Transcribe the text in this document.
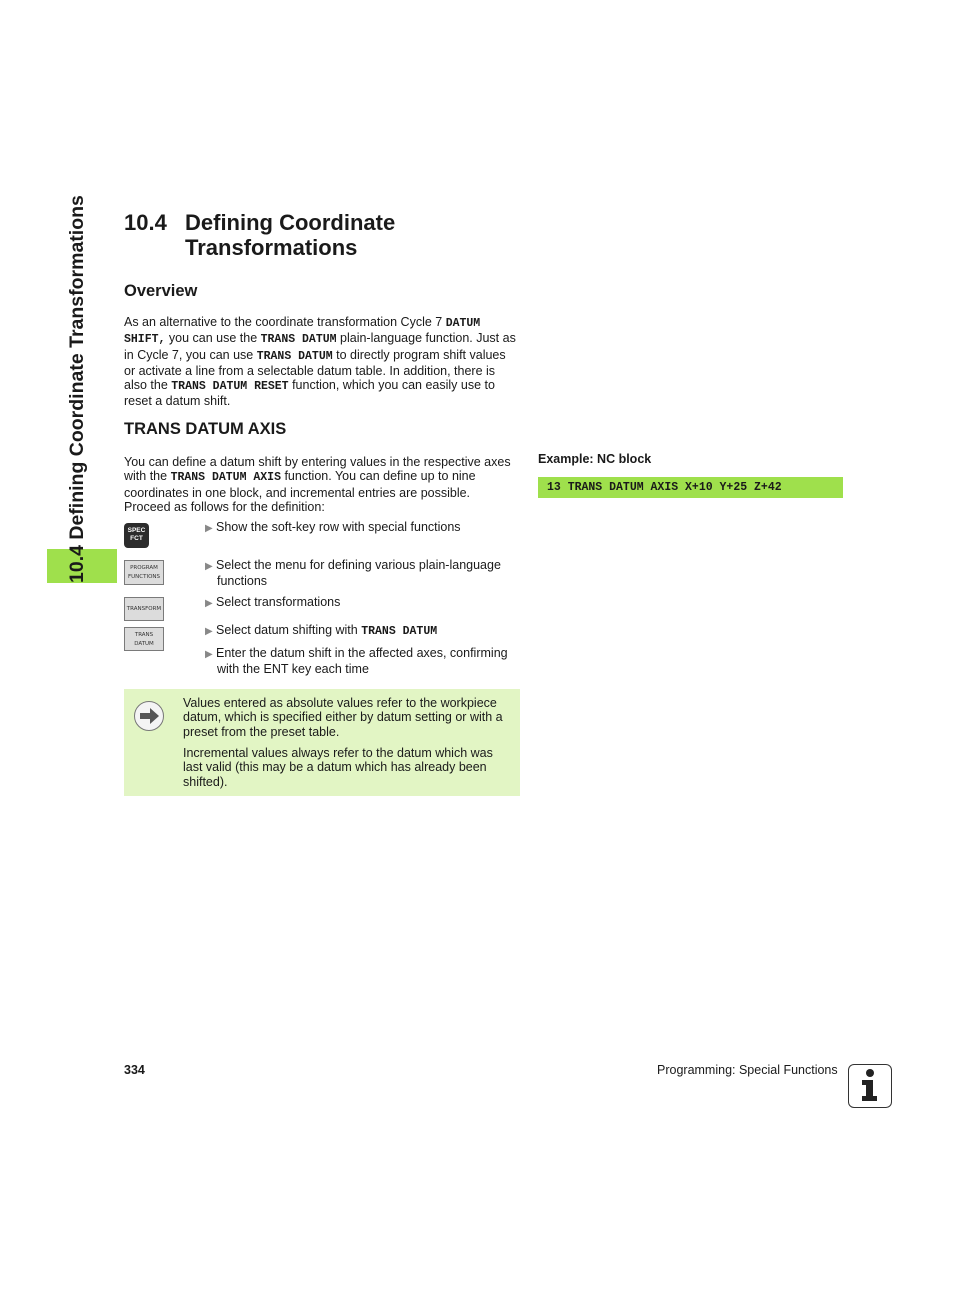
10.4 Defining Coordinate Transformations	10.4 Defining Coordinate
Transformations
Overview
As an alternative to the coordinate transformation Cycle 7 DATUM SHIFT, you can use the TRANS DATUM plain-language function. Just as in Cycle 7, you can use TRANS DATUM to directly program shift values or activate a line from a selectable datum table. In addition, there is also the TRANS DATUM RESET function, which you can easily use to reset a datum shift.
TRANS DATUM AXIS
You can define a datum shift by entering values in the respective axes with the TRANS DATUM AXIS function. You can define up to nine coordinates in one block, and incremental entries are possible. Proceed as follows for the definition:
SPEC
FCT
PROGRAM
FUNCTIONS
TRANSFORM
TRANS
DATUM
▶ Show the soft-key row with special functions
▶ Select the menu for defining various plain-language
functions
▶ Select transformations
▶ Select datum shifting with TRANS DATUM
▶ Enter the datum shift in the affected axes, confirming
with the ENT key each time

Values entered as absolute values refer to the workpiece datum, which is specified either by datum setting or with a preset from the preset table.

Incremental values always refer to the datum which was last valid (this may be a datum which has already been shifted).

Example: NC block
13 TRANS DATUM AXIS X+10 Y+25 Z+42
334	Programming: Special Functions
